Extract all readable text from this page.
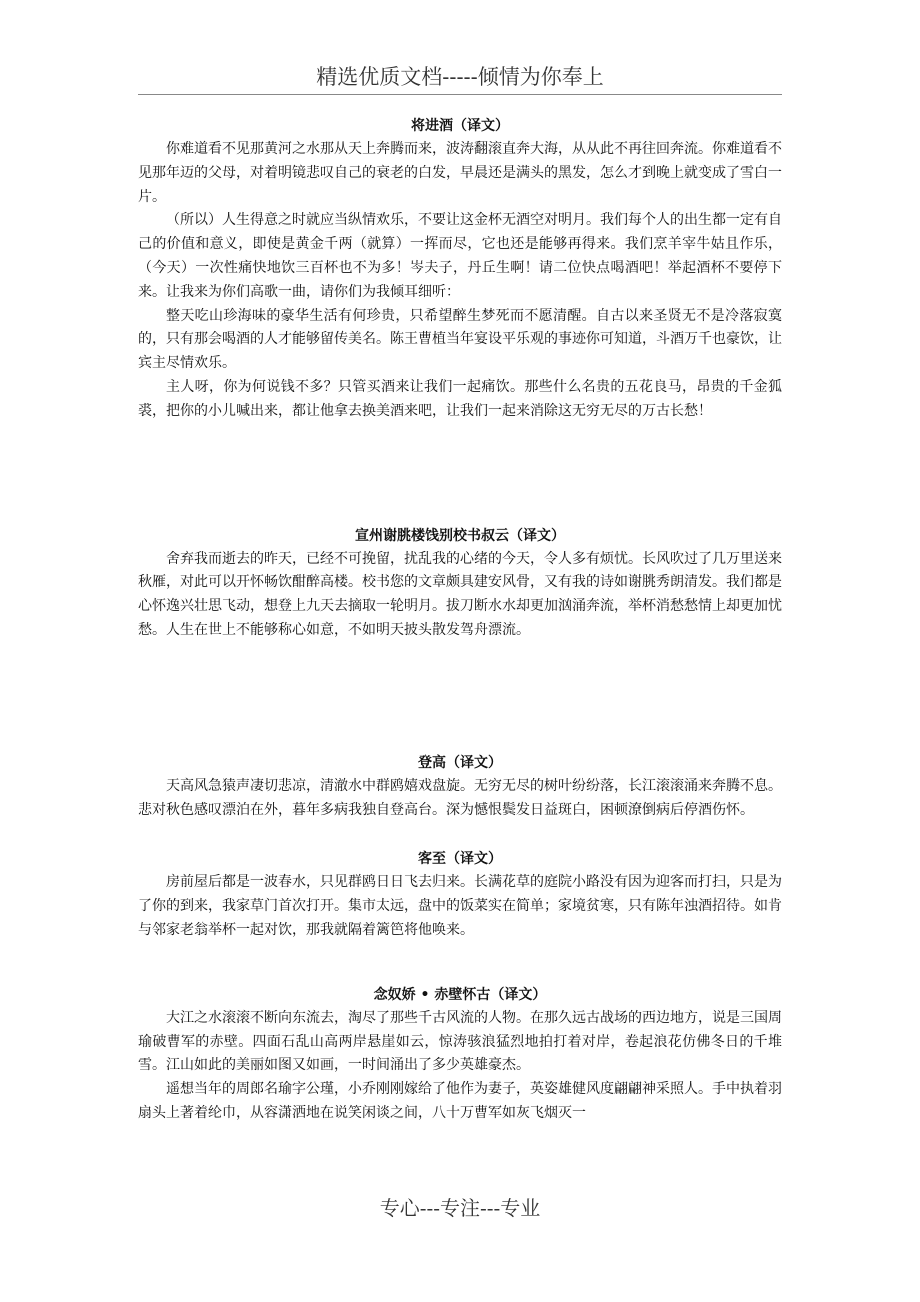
精选优质文档-----倾情为你奉上
将进酒（译文）

你难道看不见那黄河之水那从天上奔腾而来，波涛翻滚直奔大海，从从此不再往回奔流。你难道看不见那年迈的父母，对着明镜悲叹自己的衰老的白发，早晨还是满头的黑发，怎么才到晚上就变成了雪白一片。

（所以）人生得意之时就应当纵情欢乐，不要让这金杯无酒空对明月。我们每个人的出生都一定有自己的价值和意义，即使是黄金千两（就算）一挥而尽，它也还是能够再得来。我们烹羊宰牛姑且作乐，（今天）一次性痛快地饮三百杯也不为多！岑夫子，丹丘生啊！请二位快点喝酒吧！举起酒杯不要停下来。让我来为你们高歌一曲，请你们为我倾耳细听：

整天吃山珍海味的豪华生活有何珍贵，只希望醉生梦死而不愿清醒。自古以来圣贤无不是冷落寂寞的，只有那会喝酒的人才能够留传美名。陈王曹植当年宴设平乐观的事迹你可知道，斗酒万千也豪饮，让宾主尽情欢乐。

主人呀，你为何说钱不多？只管买酒来让我们一起痛饮。那些什么名贵的五花良马，昂贵的千金狐裘，把你的小儿喊出来，都让他拿去换美酒来吧，让我们一起来消除这无穷无尽的万古长愁！

宣州谢朓楼饯别校书叔云（译文）

舍弃我而逝去的昨天，已经不可挽留，扰乱我的心绪的今天，令人多有烦忧。长风吹过了几万里送来秋雁，对此可以开怀畅饮酣醉高楼。校书您的文章颇具建安风骨，又有我的诗如谢朓秀朗清发。我们都是心怀逸兴壮思飞动，想登上九天去摘取一轮明月。拔刀断水水却更加汹涌奔流，举杯消愁愁情上却更加忧愁。人生在世上不能够称心如意，不如明天披头散发驾舟漂流。

登高（译文）

天高风急猿声凄切悲凉，清澈水中群鸥嬉戏盘旋。无穷无尽的树叶纷纷落，长江滚滚涌来奔腾不息。悲对秋色感叹漂泊在外，暮年多病我独自登高台。深为憾恨鬓发日益斑白，困顿潦倒病后停酒伤怀。

客至（译文）

房前屋后都是一波春水，只见群鸥日日飞去归来。长满花草的庭院小路没有因为迎客而打扫，只是为了你的到来，我家草门首次打开。集市太远，盘中的饭菜实在简单；家境贫寒，只有陈年浊酒招待。如肯与邻家老翁举杯一起对饮，那我就隔着篱笆将他唤来。

念奴娇 • 赤壁怀古（译文）

大江之水滚滚不断向东流去，淘尽了那些千古风流的人物。在那久远古战场的西边地方，说是三国周瑜破曹军的赤壁。四面石乱山高两岸悬崖如云，惊涛骇浪猛烈地拍打着对岸，卷起浪花仿佛冬日的千堆雪。江山如此的美丽如图又如画，一时间涌出了多少英雄豪杰。

遥想当年的周郎名瑜字公瑾，小乔刚刚嫁给了他作为妻子，英姿雄健风度翩翩神采照人。手中执着羽扇头上著着纶巾，从容潇洒地在说笑闲谈之间，八十万曹军如灰飞烟灭一

专心---专注---专业
